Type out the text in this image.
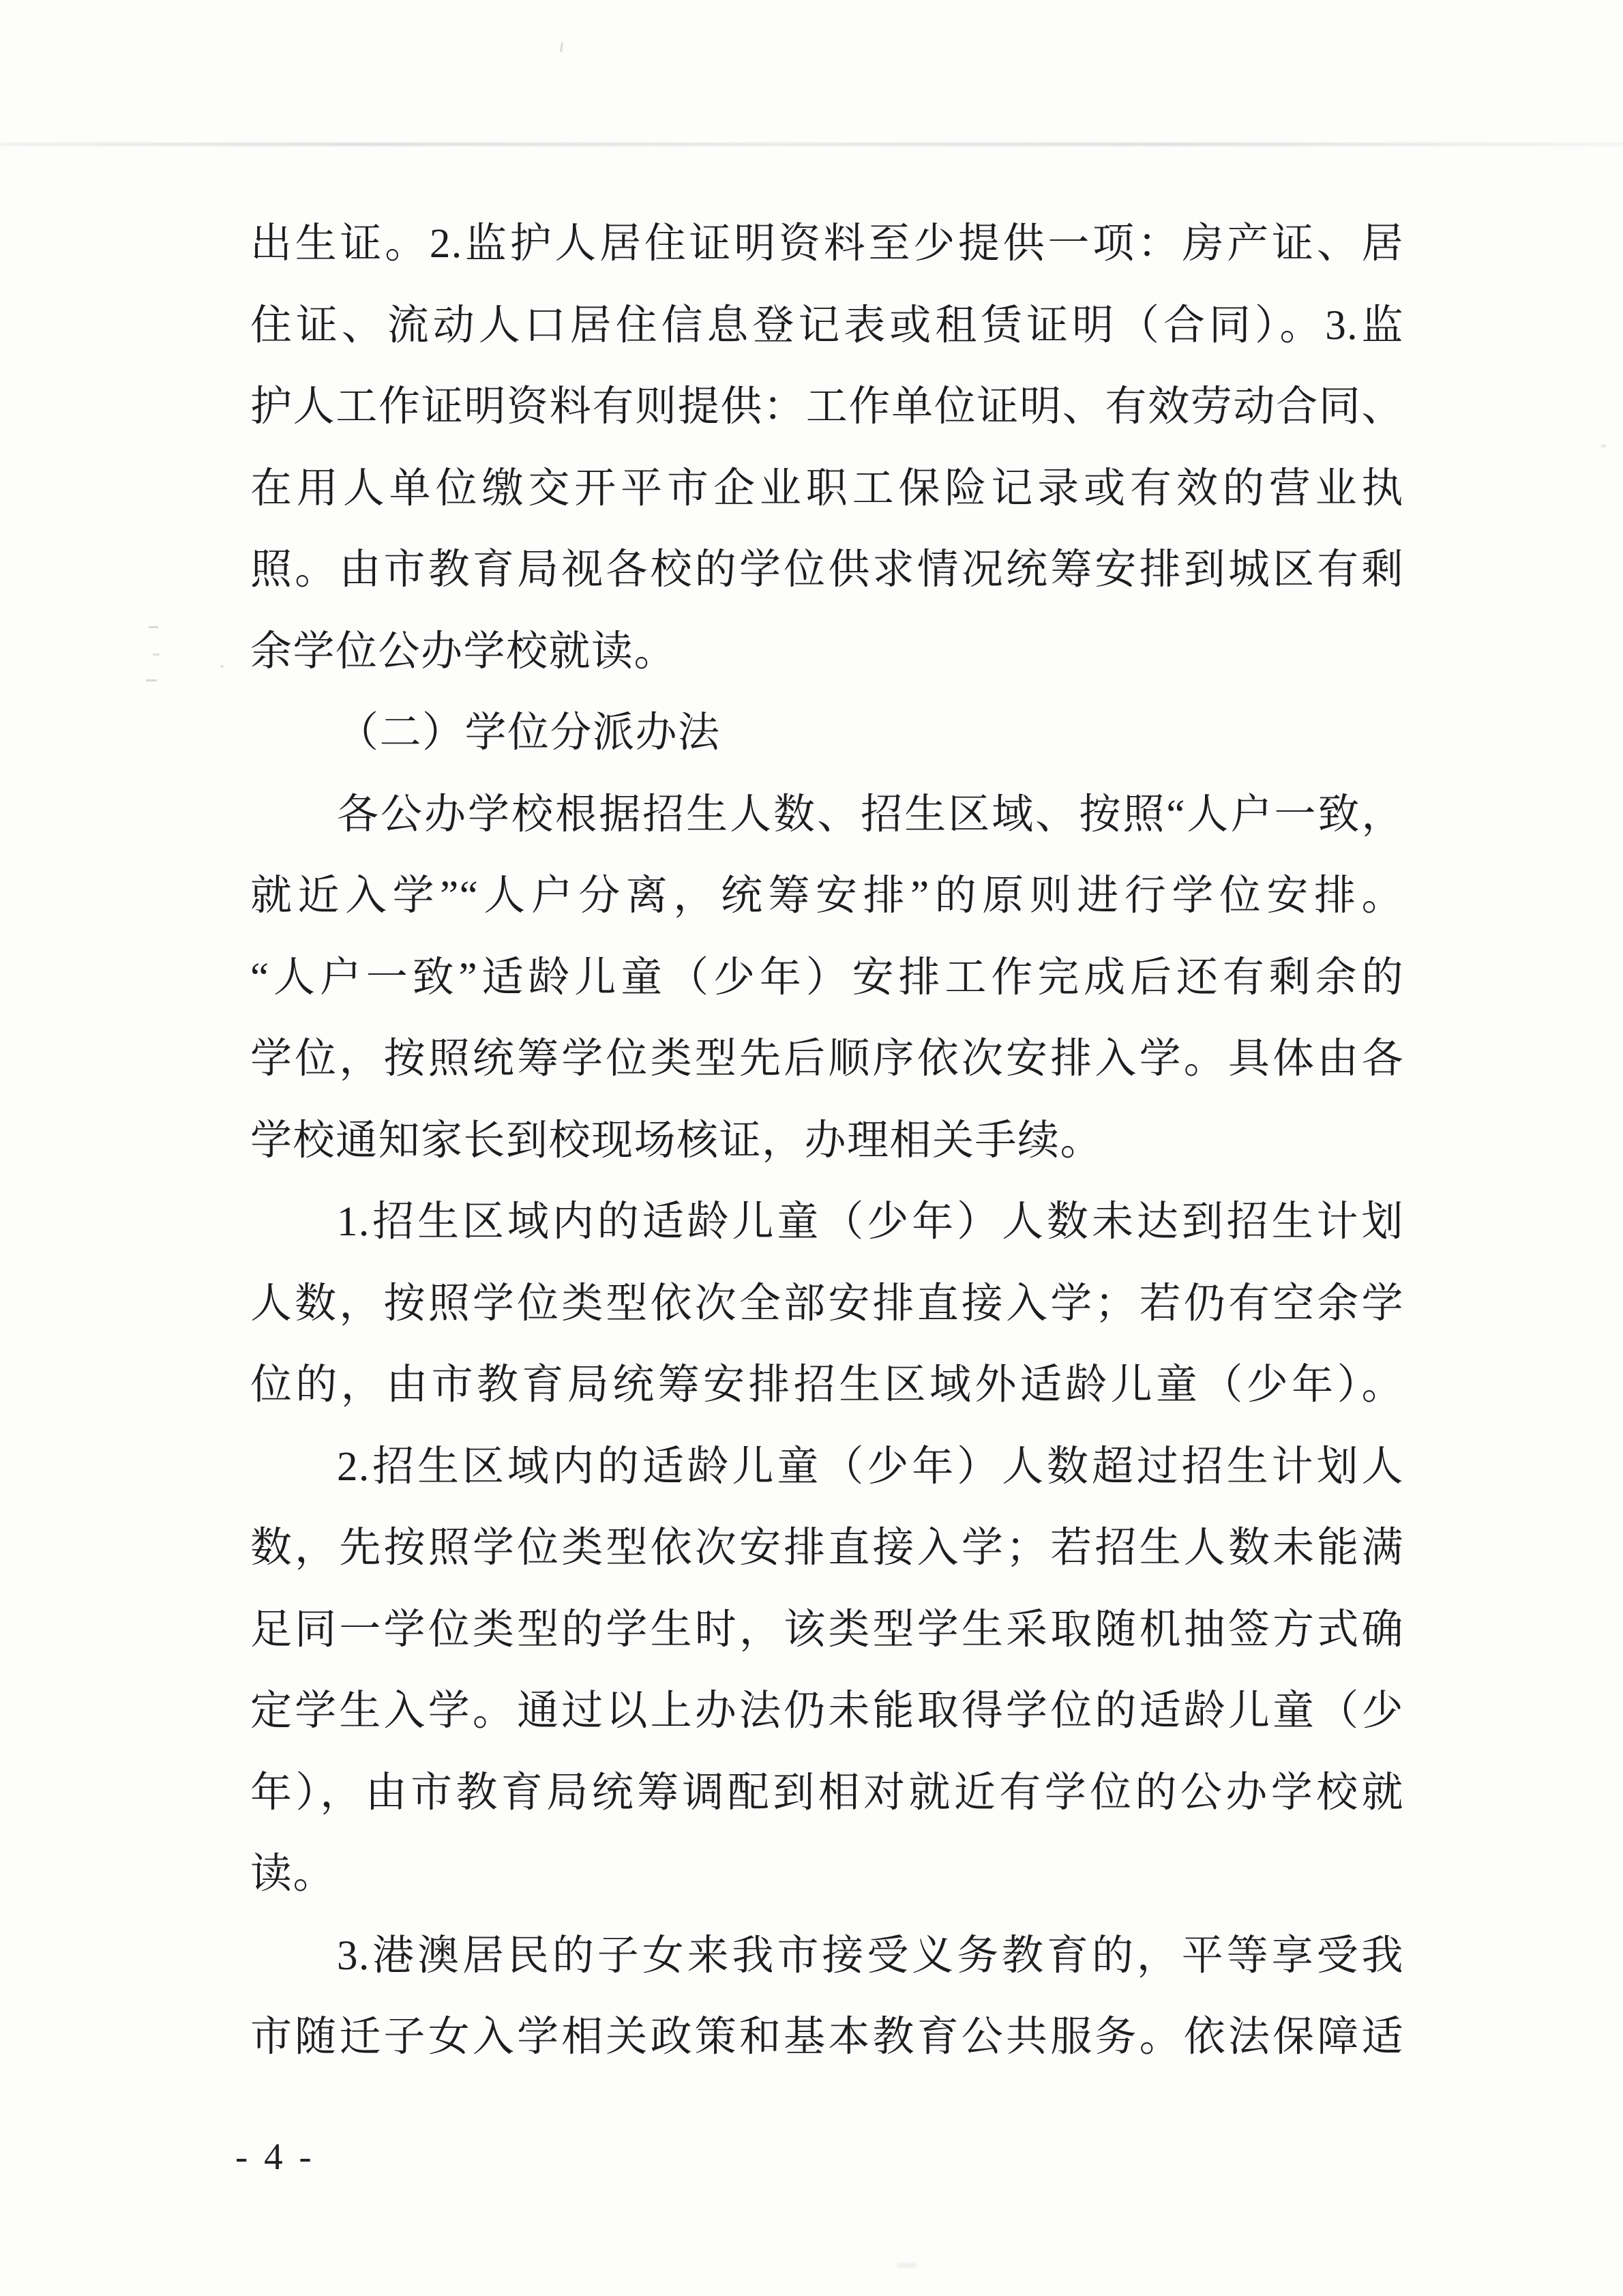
出生证。2.监护人居住证明资料至少提供一项：房产证、居
住证、流动人口居住信息登记表或租赁证明（合同）。3.监
护人工作证明资料有则提供：工作单位证明、有效劳动合同、
在用人单位缴交开平市企业职工保险记录或有效的营业执
照。由市教育局视各校的学位供求情况统筹安排到城区有剩
余学位公办学校就读。
（二）学位分派办法
各公办学校根据招生人数、招生区域、按照“人户一致，
就近入学”“人户分离，统筹安排”的原则进行学位安排。
“人户一致”适龄儿童（少年）安排工作完成后还有剩余的
学位，按照统筹学位类型先后顺序依次安排入学。具体由各
学校通知家长到校现场核证，办理相关手续。
1.招生区域内的适龄儿童（少年）人数未达到招生计划
人数，按照学位类型依次全部安排直接入学；若仍有空余学
位的，由市教育局统筹安排招生区域外适龄儿童（少年）。
2.招生区域内的适龄儿童（少年）人数超过招生计划人
数，先按照学位类型依次安排直接入学；若招生人数未能满
足同一学位类型的学生时，该类型学生采取随机抽签方式确
定学生入学。通过以上办法仍未能取得学位的适龄儿童（少
年），由市教育局统筹调配到相对就近有学位的公办学校就
读。
3.港澳居民的子女来我市接受义务教育的，平等享受我
市随迁子女入学相关政策和基本教育公共服务。依法保障适
- 4 -
